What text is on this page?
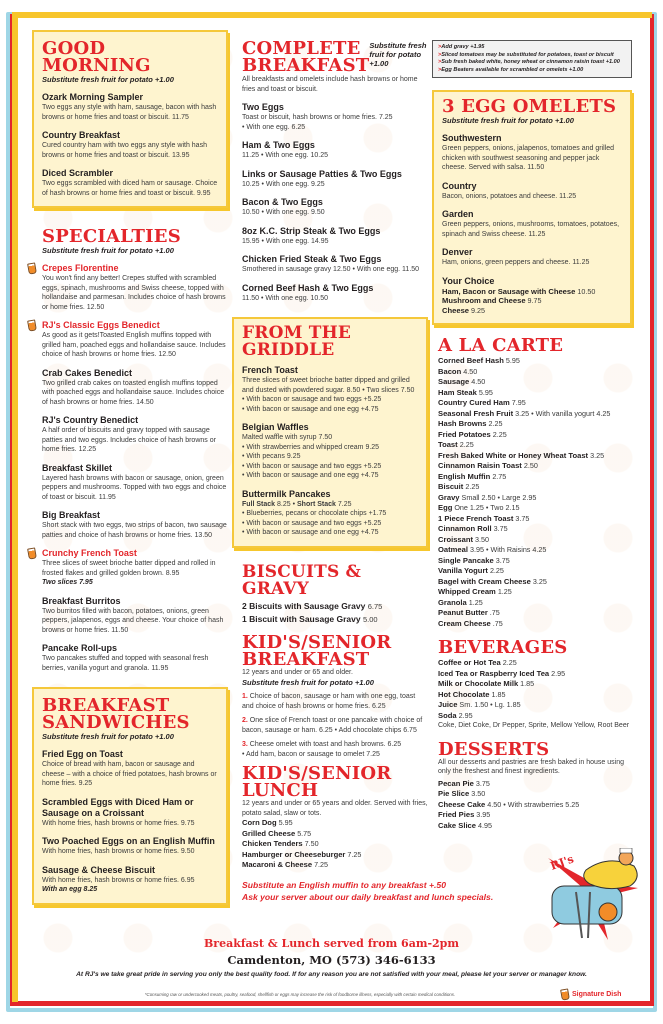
GOOD MORNING
Substitute fresh fruit for potato +1.00
Ozark Morning Sampler
Two eggs any style with ham, sausage, bacon with hash browns or home fries and toast or biscuit. 11.75
Country Breakfast
Cured country ham with two eggs any style with hash browns or home fries and toast or biscuit. 13.95
Diced Scrambler
Two eggs scrambled with diced ham or sausage. Choice of hash browns or home fries and toast or biscuit. 9.95
SPECIALTIES
Substitute fresh fruit for potato +1.00
Crepes Florentine
You won't find any better! Crepes stuffed with scrambled eggs, spinach, mushrooms and Swiss cheese, topped with hollandaise and parmesan. Includes choice of hash browns or home fries. 12.50
RJ's Classic Eggs Benedict
As good as it gets!Toasted English muffins topped with grilled ham, poached eggs and hollandaise sauce. Includes choice of hash browns or home fries. 12.50
Crab Cakes Benedict
Two grilled crab cakes on toasted english muffins topped with poached eggs and hollandaise sauce. Includes choice of hash browns or home fries. 14.50
RJ's Country Benedict
A half order of biscuits and gravy topped with sausage patties and two eggs. Includes choice of hash browns or home fries. 12.25
Breakfast Skillet
Layered hash browns with bacon or sausage, onion, green peppers and mushrooms. Topped with two eggs and choice of toast or biscuit. 11.95
Big Breakfast
Short stack with two eggs, two strips of bacon, two sausage patties and choice of hash browns or home fries. 13.50
Crunchy French Toast
Three slices of sweet brioche batter dipped and rolled in frosted flakes and grilled golden brown. 8.95
Two slices 7.95
Breakfast Burritos
Two burritos filled with bacon, potatoes, onions, green peppers, jalapenos, eggs and cheese. Your choice of hash browns or home fries. 11.50
Pancake Roll-ups
Two pancakes stuffed and topped with seasonal fresh berries, vanilla yogurt and granola. 11.95
BREAKFAST
SANDWICHES
Substitute fresh fruit for potato +1.00
Fried Egg on Toast
Choice of bread with ham, bacon or sausage and cheese – with a choice of fried potatoes, hash browns or home fries. 9.25
Scrambled Eggs with Diced Ham or Sausage on a Croissant
With home fries, hash browns or home fries. 9.75
Two Poached Eggs on an English Muffin
With home fries, hash browns or home fries. 9.50
Sausage & Cheese Biscuit
With home fries, hash browns or home fries. 6.95
With an egg 8.25
COMPLETE
BREAKFAST
Substitute fresh fruit for potato +1.00
All breakfasts and omelets include hash browns or home fries and toast or biscuit.
Two Eggs
Toast or biscuit, hash browns or home fries. 7.25
• With one egg. 6.25
Ham & Two Eggs
11.25 • With one egg. 10.25
Links or Sausage Patties & Two Eggs
10.25 • With one egg. 9.25
Bacon & Two Eggs
10.50 • With one egg. 9.50
8oz K.C. Strip Steak & Two Eggs
15.95 • With one egg. 14.95
Chicken Fried Steak & Two Eggs
Smothered in sausage gravy 12.50 • With one egg. 11.50
Corned Beef Hash & Two Eggs
11.50 • With one egg. 10.50
FROM THE GRIDDLE
French Toast
Three slices of sweet brioche batter dipped and grilled and dusted with powdered sugar. 8.50 • Two slices 7.50
• With bacon or sausage and two eggs +5.25
• With bacon or sausage and one egg +4.75
Belgian Waffles
Malted waffle with syrup 7.50
• With strawberries and whipped cream 9.25
• With pecans 9.25
• With bacon or sausage and two eggs +5.25
• With bacon or sausage and one egg +4.75
Buttermilk Pancakes
Full Stack 8.25 • Short Stack 7.25
• Blueberries, pecans or chocolate chips +1.75
• With bacon or sausage and two eggs +5.25
• With bacon or sausage and one egg +4.75
BISCUITS & GRAVY
2 Biscuits with Sausage Gravy 6.75
1 Biscuit with Sausage Gravy 5.00
KID'S/SENIOR
BREAKFAST
12 years and under or 65 and older.
Substitute fresh fruit for potato +1.00
1. Choice of bacon, sausage or ham with one egg, toast and choice of hash browns or home fries. 6.25
2. One slice of French toast or one pancake with choice of bacon, sausage or ham. 6.25 • Add chocolate chips 6.75
3. Cheese omelet with toast and hash browns. 6.25
• Add ham, bacon or sausage to omelet 7.25
KID'S/SENIOR
LUNCH
12 years and under or 65 years and older. Served with fries, potato salad, slaw or tots.
Corn Dog 5.95
Grilled Cheese 5.75
Chicken Tenders 7.50
Hamburger or Cheeseburger 7.25
Macaroni & Cheese 7.25
Substitute an English muffin to any breakfast +.50
Ask your server about our daily breakfast and lunch specials.
>Add gravy +1.95
>Sliced tomatoes may be substituted for potatoes, toast or biscuit
>Sub fresh baked white, honey wheat or cinnamon raisin toast +1.00
>Egg Beaters available for scrambled or omelets +1.00
3 EGG OMELETS
Substitute fresh fruit for potato +1.00
Southwestern
Green peppers, onions, jalapenos, tomatoes and grilled chicken with southwest seasoning and pepper jack cheese. Served with salsa. 11.50
Country
Bacon, onions, potatoes and cheese. 11.25
Garden
Green peppers, onions, mushrooms, tomatoes, potatoes, spinach and Swiss cheese. 11.25
Denver
Ham, onions, green peppers and cheese. 11.25
Your Choice
Ham, Bacon or Sausage with Cheese 10.50
Mushroom and Cheese 9.75
Cheese 9.25
A LA CARTE
Corned Beef Hash 5.95
Bacon 4.50
Sausage 4.50
Ham Steak 5.95
Country Cured Ham 7.95
Seasonal Fresh Fruit 3.25 • With vanilla yogurt 4.25
Hash Browns 2.25
Fried Potatoes 2.25
Toast 2.25
Fresh Baked White or Honey Wheat Toast 3.25
Cinnamon Raisin Toast 2.50
English Muffin 2.75
Biscuit 2.25
Gravy Small 2.50 • Large 2.95
Egg One 1.25 • Two 2.15
1 Piece French Toast 3.75
Cinnamon Roll 3.75
Croissant 3.50
Oatmeal 3.95 • With Raisins 4.25
Single Pancake 3.75
Vanilla Yogurt 2.25
Bagel with Cream Cheese 3.25
Whipped Cream 1.25
Granola 1.25
Peanut Butter .75
Cream Cheese .75
BEVERAGES
Coffee or Hot Tea 2.25
Iced Tea or Raspberry Iced Tea 2.95
Milk or Chocolate Milk 1.85
Hot Chocolate 1.85
Juice Sm. 1.50 • Lg. 1.85
Soda 2.95
Coke, Diet Coke, Dr Pepper, Sprite, Mellow Yellow, Root Beer
DESSERTS
All our desserts and pastries are fresh baked in house using only the freshest and finest ingredients.
Pecan Pie 3.75
Pie Slice 3.50
Cheese Cake 4.50 • With strawberries 5.25
Fried Pies 3.95
Cake Slice 4.95
RJ's
Breakfast & Lunch served from 6am-2pm
Camdenton, MO (573) 346-6133
At RJ's we take great pride in serving you only the best quality food. If for any reason you are not satisfied with your meal, please let your server or manager know.
*Consuming raw or undercooked meats, poultry, seafood, shellfish or eggs may increase the risk of foodborne illness, especially with certain medical conditions.	Signature Dish
